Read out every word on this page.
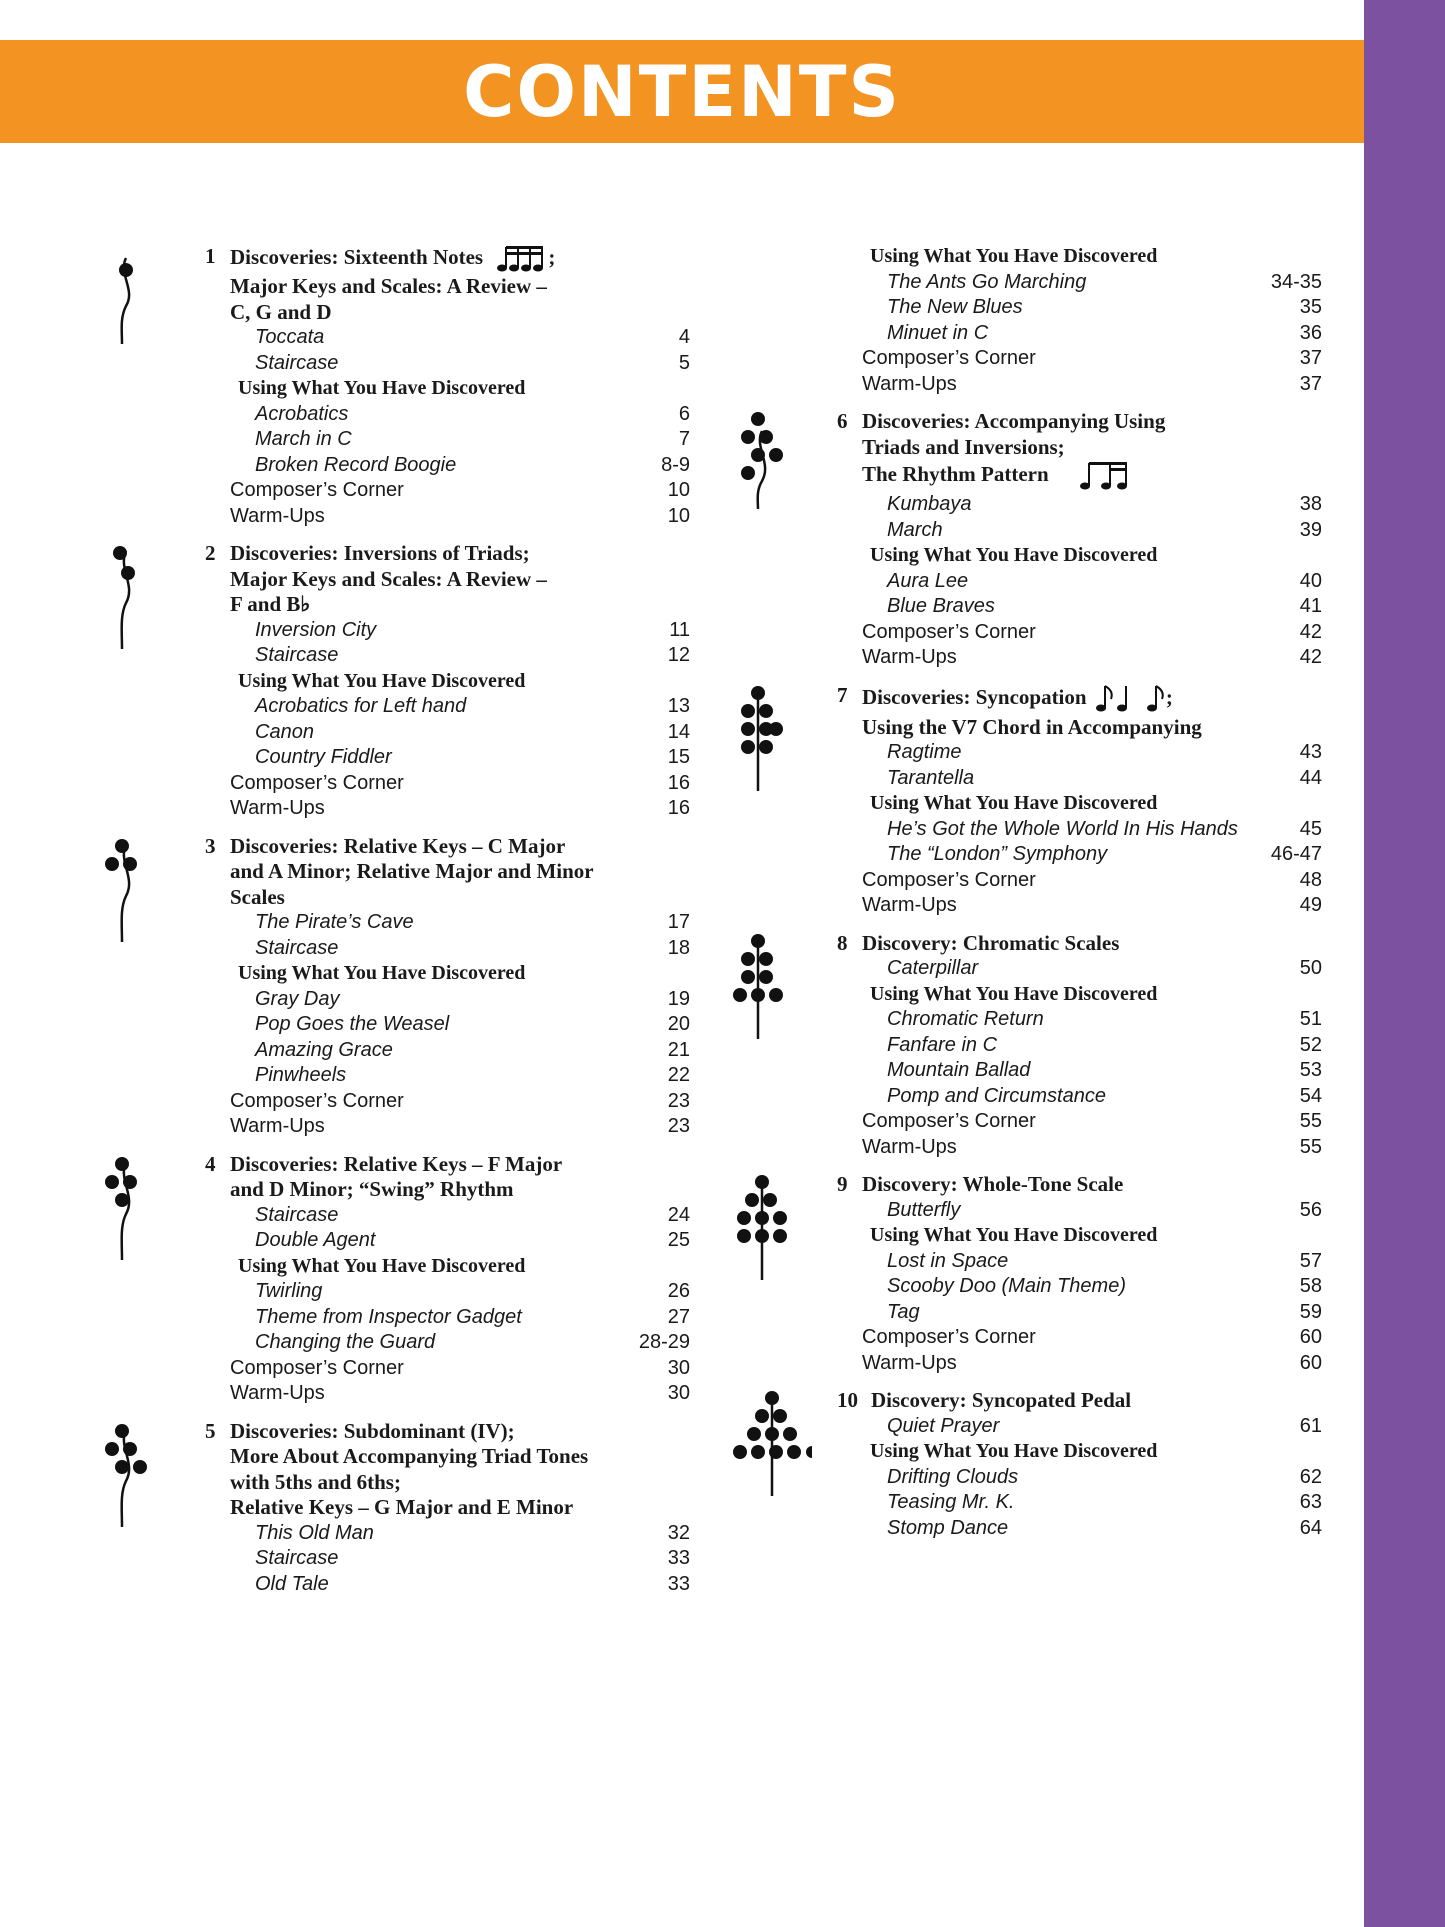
CONTENTS
1 Discoveries: Sixteenth Notes	;
Major Keys and Scales: A Review –
C, G and D
Toccata	4
Staircase	5
Using What You Have Discovered
Acrobatics	6
March in C	7
Broken Record Boogie	8-9
Composer’s Corner	10
Warm-Ups	10
2 Discoveries: Inversions of Triads;
Major Keys and Scales: A Review –
F and B♭
Inversion City	11
Staircase	12
Using What You Have Discovered
Acrobatics for Left hand	13
Canon	14
Country Fiddler	15
Composer’s Corner	16
Warm-Ups	16
3 Discoveries: Relative Keys – C Major
and A Minor; Relative Major and Minor
Scales
The Pirate’s Cave	17
Staircase	18
Using What You Have Discovered
Gray Day	19
Pop Goes the Weasel	20
Amazing Grace	21
Pinwheels	22
Composer’s Corner	23
Warm-Ups	23
4 Discoveries: Relative Keys – F Major
and D Minor; “Swing” Rhythm
Staircase	24
Double Agent	25
Using What You Have Discovered
Twirling	26
Theme from Inspector Gadget	27
Changing the Guard	28-29
Composer’s Corner	30
Warm-Ups	30
5 Discoveries: Subdominant (IV);
More About Accompanying Triad Tones
with 5ths and 6ths;
Relative Keys – G Major and E Minor
This Old Man	32
Staircase	33
Old Tale	33
Using What You Have Discovered
The Ants Go Marching	34-35
The New Blues	35
Minuet in C	36
Composer’s Corner	37
Warm-Ups	37
6 Discoveries: Accompanying Using
Triads and Inversions;
The Rhythm Pattern
Kumbaya	38
March	39
Using What You Have Discovered
Aura Lee	40
Blue Braves	41
Composer’s Corner	42
Warm-Ups	42
7 Discoveries: Syncopation	;
Using the V7 Chord in Accompanying
Ragtime	43
Tarantella	44
Using What You Have Discovered
He’s Got the Whole World In His Hands	45
The “London” Symphony	46-47
Composer’s Corner	48
Warm-Ups	49
8 Discovery: Chromatic Scales
Caterpillar	50
Using What You Have Discovered
Chromatic Return	51
Fanfare in C	52
Mountain Ballad	53
Pomp and Circumstance	54
Composer’s Corner	55
Warm-Ups	55
9 Discovery: Whole-Tone Scale
Butterfly	56
Using What You Have Discovered
Lost in Space	57
Scooby Doo (Main Theme)	58
Tag	59
Composer’s Corner	60
Warm-Ups	60
10 Discovery: Syncopated Pedal
Quiet Prayer	61
Using What You Have Discovered
Drifting Clouds	62
Teasing Mr. K.	63
Stomp Dance	64
